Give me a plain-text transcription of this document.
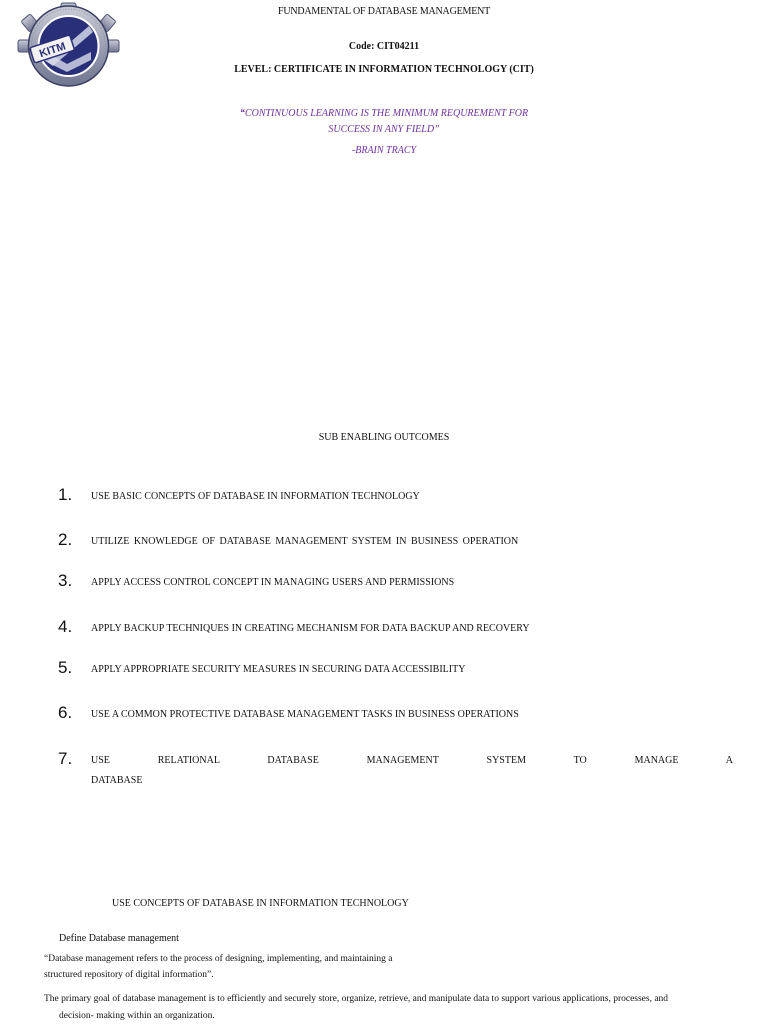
KITM
FUNDAMENTAL OF DATABASE MANAGEMENT
Code: CIT04211
LEVEL: CERTIFICATE IN INFORMATION TECHNOLOGY (CIT)
“CONTINUOUS LEARNING IS THE MINIMUM REQUREMENT FOR
SUCCESS IN ANY FIELD”
-BRAIN TRACY
SUB ENABLING OUTCOMES
1. USE BASIC CONCEPTS OF DATABASE IN INFORMATION TECHNOLOGY
2. UTILIZE KNOWLEDGE OF DATABASE MANAGEMENT SYSTEM IN BUSINESS OPERATION
3. APPLY ACCESS CONTROL CONCEPT IN MANAGING USERS AND PERMISSIONS
4. APPLY BACKUP TECHNIQUES IN CREATING MECHANISM FOR DATA BACKUP AND RECOVERY
5. APPLY APPROPRIATE SECURITY MEASURES IN SECURING DATA ACCESSIBILITY
6. USE A COMMON PROTECTIVE DATABASE MANAGEMENT TASKS IN BUSINESS OPERATIONS
7. USE RELATIONAL DATABASE MANAGEMENT SYSTEM TO MANAGE A
DATABASE
USE CONCEPTS OF DATABASE IN INFORMATION TECHNOLOGY
Define Database management
“Database management refers to the process of designing, implementing, and maintaining a
structured repository of digital information”.
The primary goal of database management is to efficiently and securely store, organize, retrieve, and manipulate data to support various applications, processes, and
decision- making within an organization.
